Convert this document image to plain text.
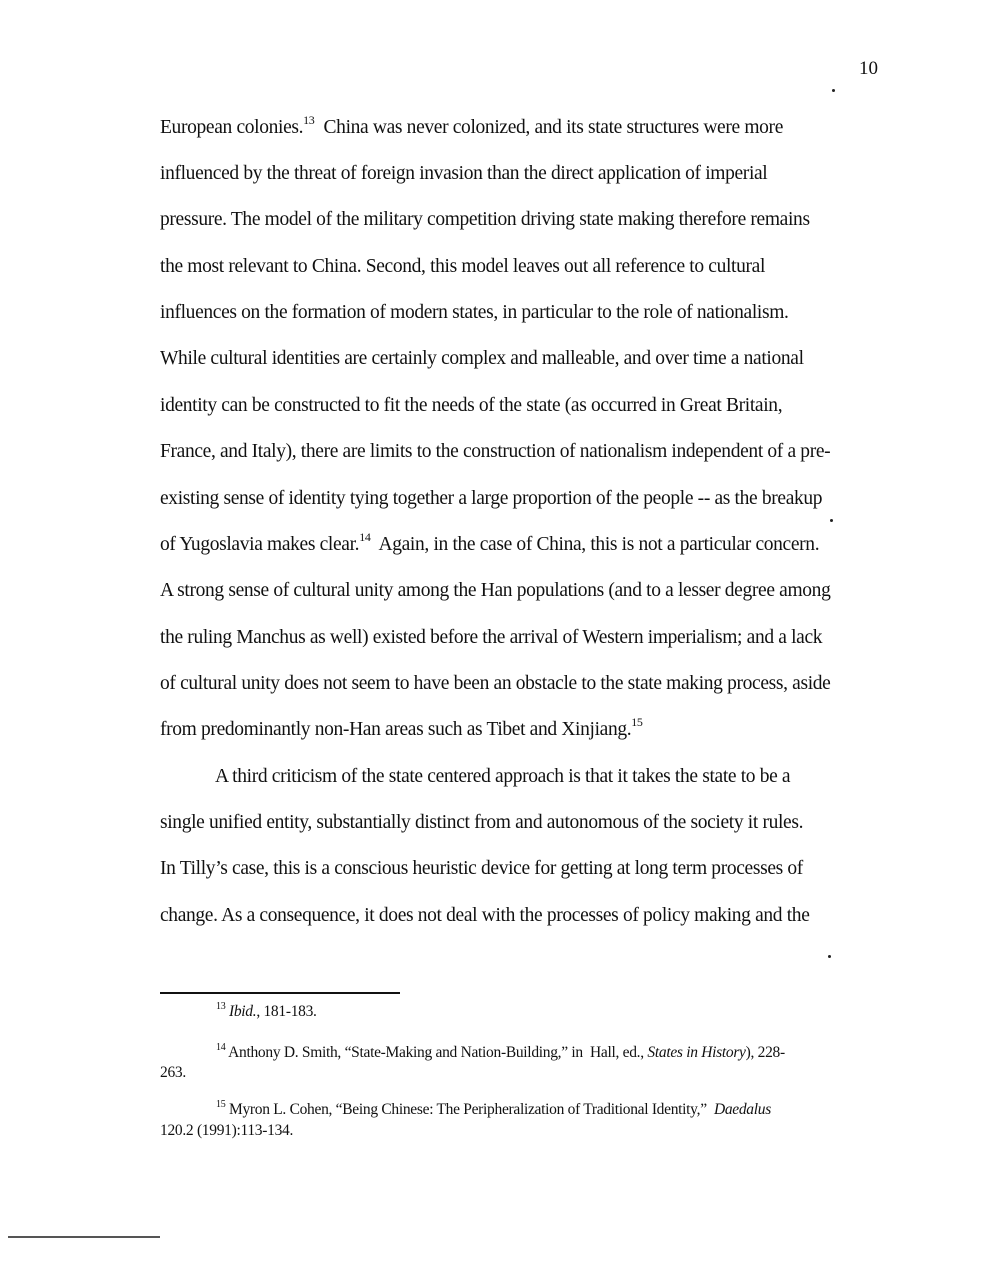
10
European colonies.$^{13}$  China was never colonized, and its state structures were more
influenced by the threat of foreign invasion than the direct application of imperial
pressure. The model of the military competition driving state making therefore remains
the most relevant to China. Second, this model leaves out all reference to cultural
influences on the formation of modern states, in particular to the role of nationalism.
While cultural identities are certainly complex and malleable, and over time a national
identity can be constructed to fit the needs of the state (as occurred in Great Britain,
France, and Italy), there are limits to the construction of nationalism independent of a pre-
existing sense of identity tying together a large proportion of the people -- as the breakup
of Yugoslavia makes clear.$^{14}$  Again, in the case of China, this is not a particular concern.
A strong sense of cultural unity among the Han populations (and to a lesser degree among
the ruling Manchus as well) existed before the arrival of Western imperialism; and a lack
of cultural unity does not seem to have been an obstacle to the state making process, aside
from predominantly non-Han areas such as Tibet and Xinjiang.$^{15}$
A third criticism of the state centered approach is that it takes the state to be a
single unified entity, substantially distinct from and autonomous of the society it rules.
In Tilly’s case, this is a conscious heuristic device for getting at long term processes of
change. As a consequence, it does not deal with the processes of policy making and the
$^{13}$ Ibid., 181-183.
$^{14}$ Anthony D. Smith, “State-Making and Nation-Building,” in  Hall, ed., States in History), 228-
263.
$^{15}$ Myron L. Cohen, “Being Chinese: The Peripheralization of Traditional Identity,”  Daedalus
120.2 (1991):113-134.
